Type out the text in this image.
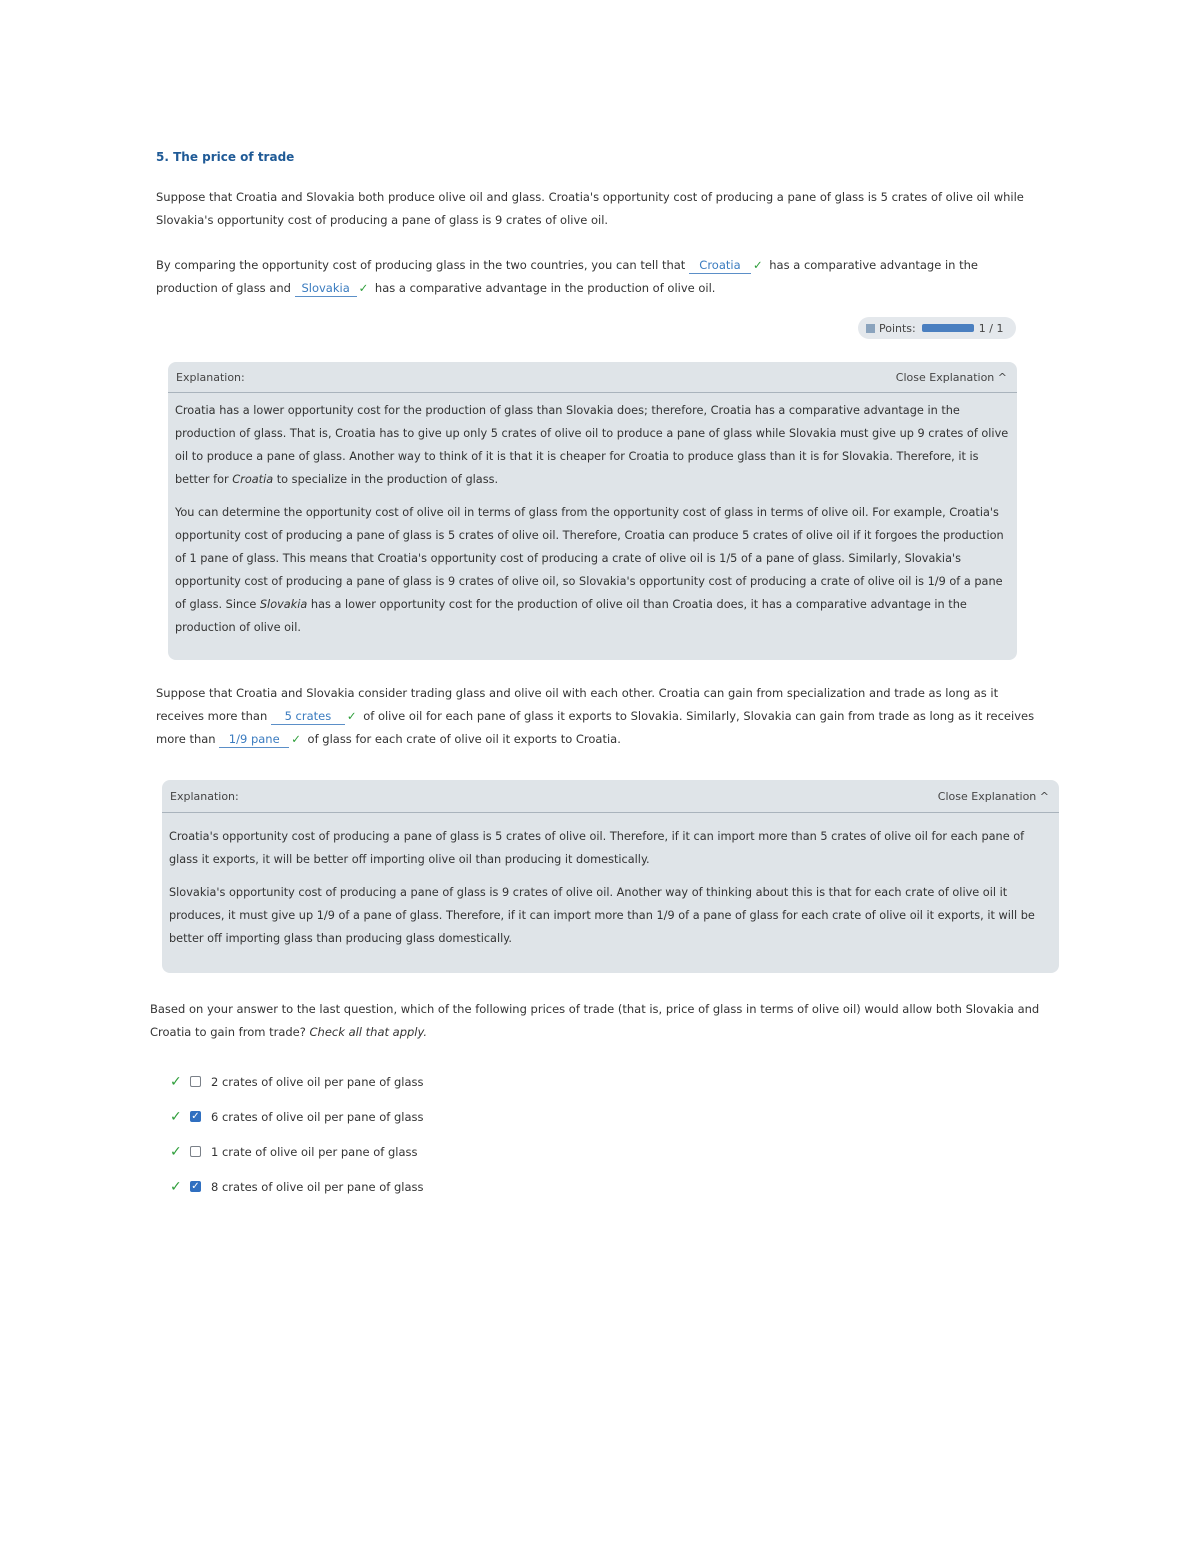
5. The price of trade
Suppose that Croatia and Slovakia both produce olive oil and glass. Croatia's opportunity cost of producing a pane of glass is 5 crates of olive oil while Slovakia's opportunity cost of producing a pane of glass is 9 crates of olive oil.
By comparing the opportunity cost of producing glass in the two countries, you can tell that Croatia ✓ has a comparative advantage in the production of glass and Slovakia ✓ has a comparative advantage in the production of olive oil.
Points:	1 / 1
Explanation:	Close Explanation ^

Croatia has a lower opportunity cost for the production of glass than Slovakia does; therefore, Croatia has a comparative advantage in the production of glass. That is, Croatia has to give up only 5 crates of olive oil to produce a pane of glass while Slovakia must give up 9 crates of olive oil to produce a pane of glass. Another way to think of it is that it is cheaper for Croatia to produce glass than it is for Slovakia. Therefore, it is better for Croatia to specialize in the production of glass.

You can determine the opportunity cost of olive oil in terms of glass from the opportunity cost of glass in terms of olive oil. For example, Croatia's opportunity cost of producing a pane of glass is 5 crates of olive oil. Therefore, Croatia can produce 5 crates of olive oil if it forgoes the production of 1 pane of glass. This means that Croatia's opportunity cost of producing a crate of olive oil is 1/5 of a pane of glass. Similarly, Slovakia's opportunity cost of producing a pane of glass is 9 crates of olive oil, so Slovakia's opportunity cost of producing a crate of olive oil is 1/9 of a pane of glass. Since Slovakia has a lower opportunity cost for the production of olive oil than Croatia does, it has a comparative advantage in the production of olive oil.

Suppose that Croatia and Slovakia consider trading glass and olive oil with each other. Croatia can gain from specialization and trade as long as it receives more than 5 crates ✓ of olive oil for each pane of glass it exports to Slovakia. Similarly, Slovakia can gain from trade as long as it receives more than 1/9 pane ✓ of glass for each crate of olive oil it exports to Croatia.
Explanation:	Close Explanation ^

Croatia's opportunity cost of producing a pane of glass is 5 crates of olive oil. Therefore, if it can import more than 5 crates of olive oil for each pane of glass it exports, it will be better off importing olive oil than producing it domestically.

Slovakia's opportunity cost of producing a pane of glass is 9 crates of olive oil. Another way of thinking about this is that for each crate of olive oil it produces, it must give up 1/9 of a pane of glass. Therefore, if it can import more than 1/9 of a pane of glass for each crate of olive oil it exports, it will be better off importing glass than producing glass domestically.

Based on your answer to the last question, which of the following prices of trade (that is, price of glass in terms of olive oil) would allow both Slovakia and Croatia to gain from trade? Check all that apply.
✓	2 crates of olive oil per pane of glass
✓ ✓ 6 crates of olive oil per pane of glass
✓	1 crate of olive oil per pane of glass
✓ ✓ 8 crates of olive oil per pane of glass
